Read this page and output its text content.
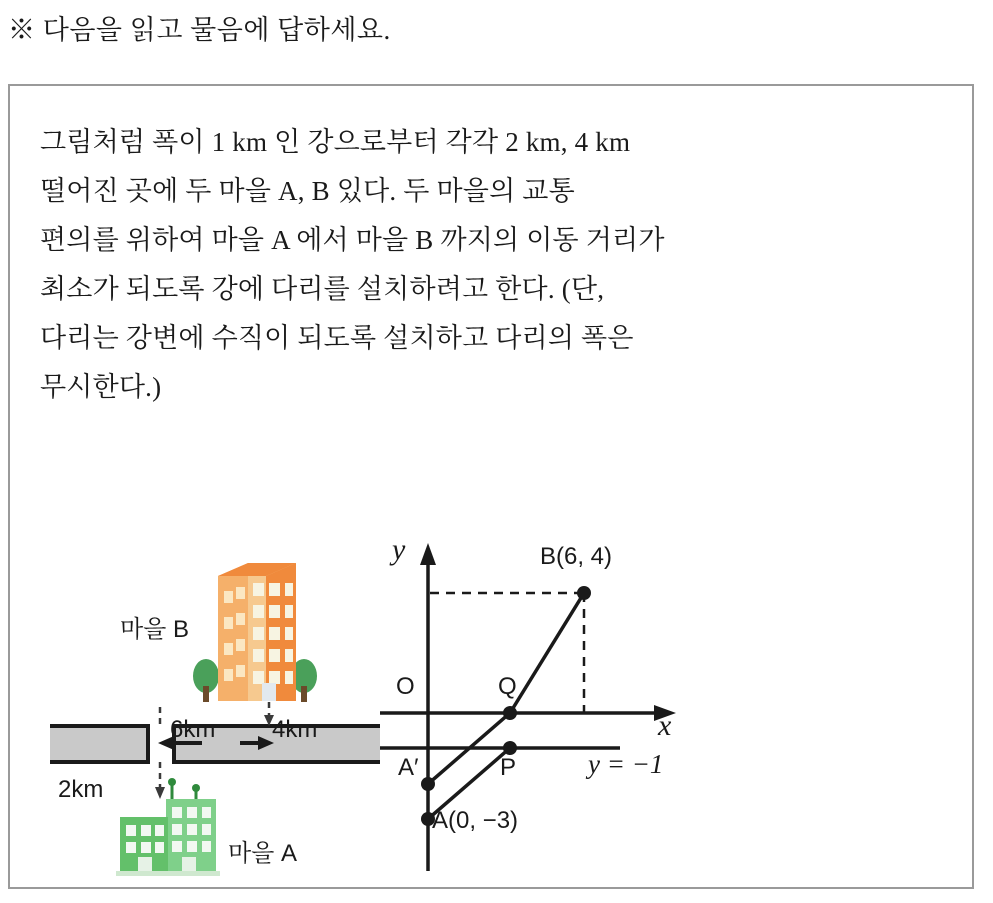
※ 다음을 읽고 물음에 답하세요.
그림처럼 폭이 1 km 인 강으로부터 각각 2 km, 4 km
떨어진 곳에 두 마을 A, B 있다. 두 마을의 교통
편의를 위하여 마을 A 에서 마을 B 까지의 이동 거리가
최소가 되도록 강에 다리를 설치하려고 한다. (단,
다리는 강변에 수직이 되도록 설치하고 다리의 폭은
무시한다.)
마을 B
6km 4km
2km
마을 A
y
x
O
B(6, 4)
Q
P
A′
A(0, −3)
y = −1
